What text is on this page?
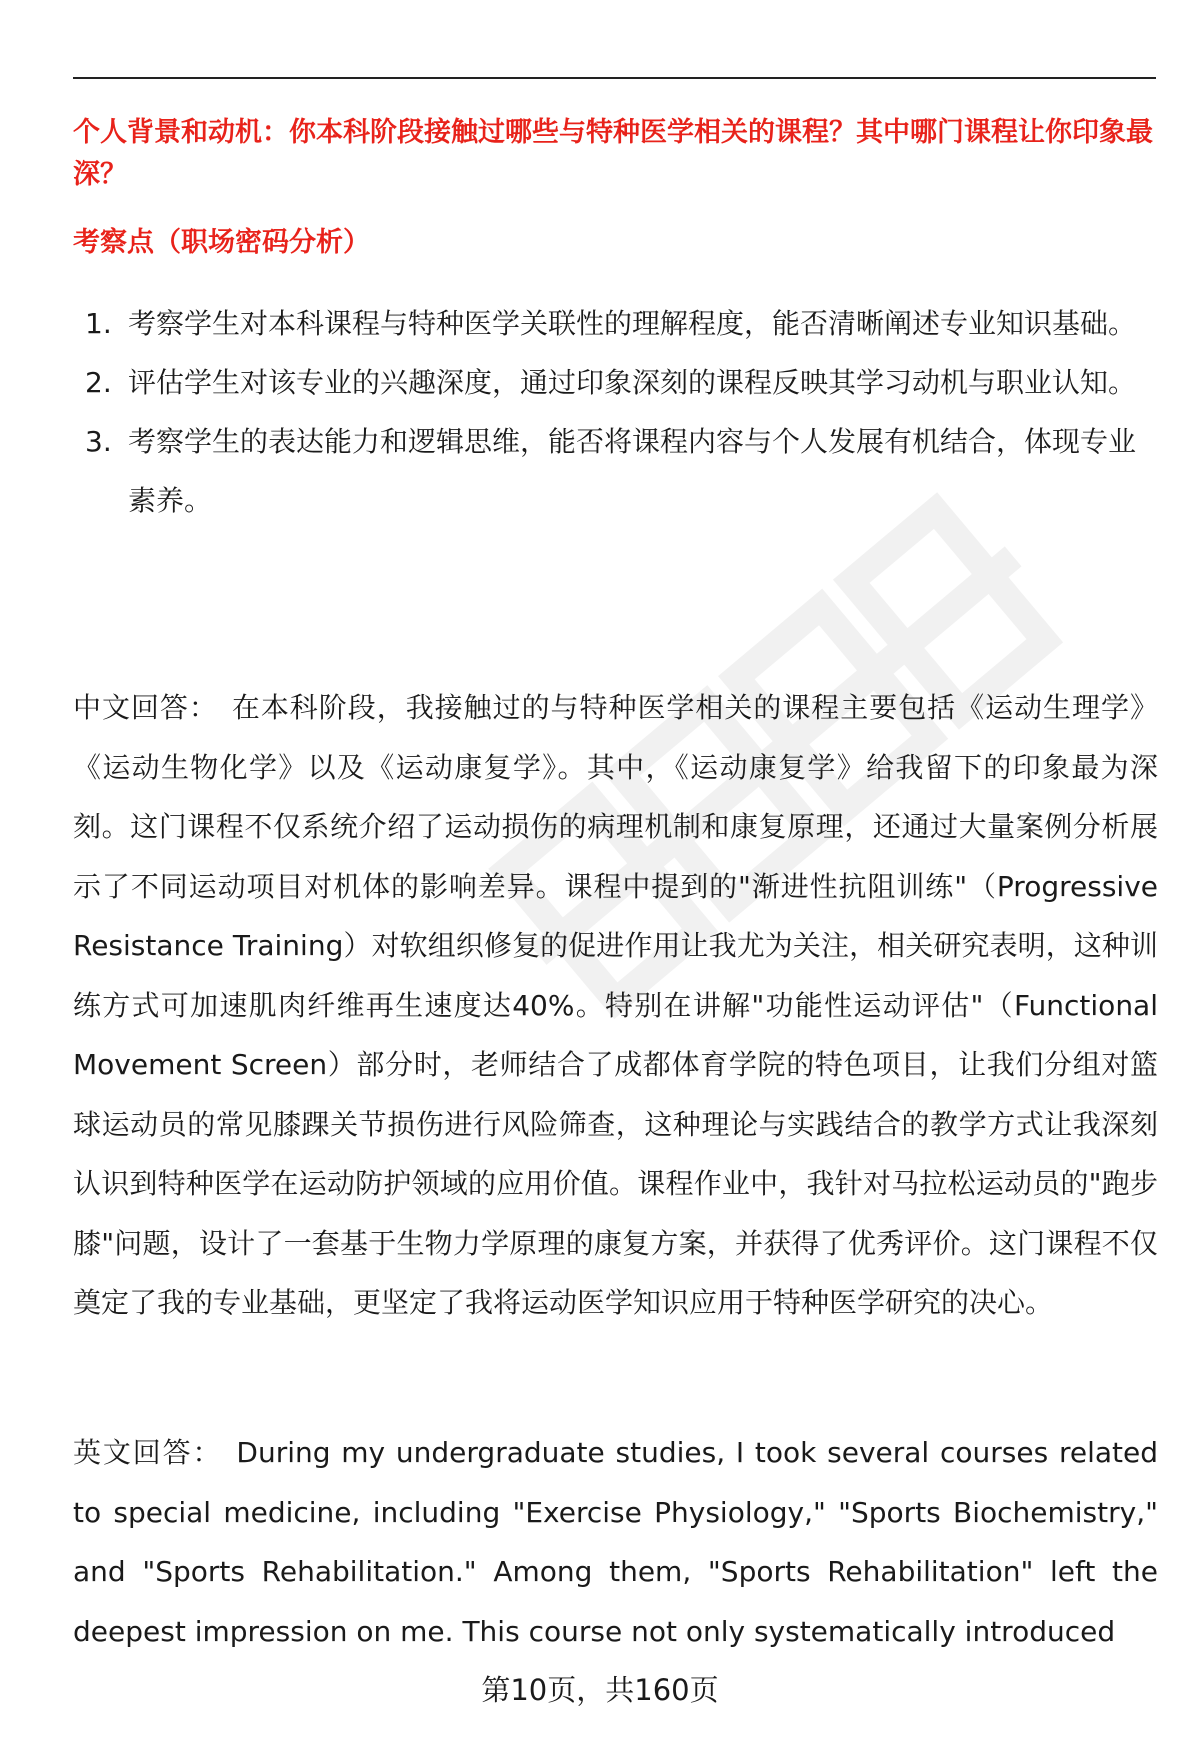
个人背景和动机：你本科阶段接触过哪些与特种医学相关的课程？其中哪门课程让你印象最深？

考察点（职场密码分析）

1. 考察学生对本科课程与特种医学关联性的理解程度，能否清晰阐述专业知识基础。
2. 评估学生对该专业的兴趣深度，通过印象深刻的课程反映其学习动机与职业认知。
3. 考察学生的表达能力和逻辑思维，能否将课程内容与个人发展有机结合，体现专业素养。

中文回答： 在本科阶段，我接触过的与特种医学相关的课程主要包括《运动生理学》《运动生物化学》以及《运动康复学》。其中，《运动康复学》给我留下的印象最为深刻。这门课程不仅系统介绍了运动损伤的病理机制和康复原理，还通过大量案例分析展示了不同运动项目对机体的影响差异。课程中提到的"渐进性抗阻训练"（Progressive Resistance Training）对软组织修复的促进作用让我尤为关注，相关研究表明，这种训练方式可加速肌肉纤维再生速度达40%。特别在讲解"功能性运动评估"（Functional Movement Screen）部分时，老师结合了成都体育学院的特色项目，让我们分组对篮球运动员的常见膝踝关节损伤进行风险筛查，这种理论与实践结合的教学方式让我深刻认识到特种医学在运动防护领域的应用价值。课程作业中，我针对马拉松运动员的"跑步膝"问题，设计了一套基于生物力学原理的康复方案，并获得了优秀评价。这门课程不仅奠定了我的专业基础，更坚定了我将运动医学知识应用于特种医学研究的决心。

英文回答： During my undergraduate studies, I took several courses related to special medicine, including "Exercise Physiology," "Sports Biochemistry," and "Sports Rehabilitation." Among them, "Sports Rehabilitation" left the deepest impression on me. This course not only systematically introduced

第10页，共160页
